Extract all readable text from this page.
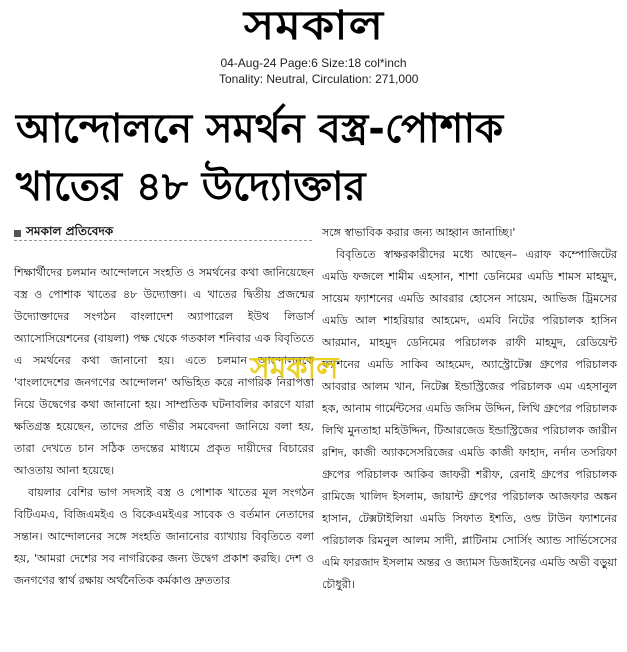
সমকাল
04-Aug-24 Page:6 Size:18 col*inch
Tonality: Neutral, Circulation: 271,000
আন্দোলনে সমর্থন বস্ত্র-পোশাক খাতের ৪৮ উদ্যোক্তার
সমকাল প্রতিবেদক

শিক্ষার্থীদের চলমান আন্দোলনে সংহতি ও সমর্থনের কথা জানিয়েছেন বস্ত্র ও পোশাক খাতের ৪৮ উদ্যোক্তা। এ খাতের দ্বিতীয় প্রজন্মের উদ্যোক্তাদের সংগঠন বাংলাদেশ অ্যাপারেল ইউথ লিডার্স অ্যাসোসিয়েশনের (বায়লা) পক্ষ থেকে গতকাল শনিবার এক বিবৃতিতে এ সমর্থনের কথা জানানো হয়। এতে চলমান আন্দোলনকে 'বাংলাদেশের জনগণের আন্দোলন' অভিহিত করে নাগরিক নিরাপত্তা নিয়ে উদ্বেগের কথা জানানো হয়। সাম্প্রতিক ঘটনাবলির কারণে যারা ক্ষতিগ্রস্ত হয়েছেন, তাদের প্রতি গভীর সমবেদনা জানিয়ে বলা হয়, তারা দেখতে চান সঠিক তদন্তের মাধ্যমে প্রকৃত দায়ীদের বিচারের আওতায় আনা হয়েছে।

বায়লার বেশির ভাগ সদস্যই বস্ত্র ও পোশাক খাতের মূল সংগঠন বিটিএমএ, বিজিএমইএ ও বিকেএমইএর সাবেক ও বর্তমান নেতাদের সন্তান। আন্দোলনের সঙ্গে সংহতি জানানোর ব্যাখ্যায় বিবৃতিতে বলা হয়, 'আমরা দেশের সব নাগরিকের জন্য উদ্বেগ প্রকাশ করছি। দেশ ও জনগণের স্বার্থ রক্ষায় অর্থনৈতিক কর্মকাণ্ড দ্রুততার

সঙ্গে স্বাভাবিক করার জন্য আহ্বান জানাচ্ছি।'

বিবৃতিতে স্বাক্ষরকারীদের মধ্যে আছেন– এরাফ কম্পোজিটের এমডি ফজলে শামীম এহসান, শাশা ডেনিমের এমডি শামস মাহমুদ, সায়েম ফ্যাশনের এমডি আবরার হোসেন সায়েম, আভিজ ট্রিমসের এমডি আল শাহরিয়ার আহমেদ, এমবি নিটের পরিচালক হাসিন আরমান, মাহমুদ ডেনিমের পরিচালক রাফী মাহমুদ, রেডিয়েন্ট ফ্যাশনের এমডি সাকিব আহমেদ, অ্যাস্ট্রোটেক্স গ্রুপের পরিচালক আবরার আলম খান, নিটেক্স ইন্ডাস্ট্রিজের পরিচালক এম এহসানুল হক, আনাম গার্মেন্টসের এমডি জসিম উদ্দিন, লিথি গ্রুপের পরিচালক লিথি মুনতাহা মহিউদ্দিন, টিআরজেড ইন্ডাস্ট্রিজের পরিচালক জারীন রশিদ, কাজী অ্যাকসেসরিজের এমডি কাজী ফাহাদ, নর্দান তসরিফা গ্রুপের পরিচালক আকিব জাফরী শরীফ, রেনাই গ্রুপের পরিচালক রামিজে খালিদ ইসলাম, জায়ান্ট গ্রুপের পরিচালক আজফার অঙ্কন হাসান, টেক্সটাইলিয়া এমডি সিফাত ইশতি, ওল্ড টাউন ফ্যাশনের পরিচালক রিমনুল আলম সাদী, প্লাটিনাম সোর্সিং অ্যান্ড সার্ভিসেসের এমি ফারজাদ ইসলাম অন্তর ও জ্যামস ডিজাইনের এমডি অভী বড়ুয়া চৌধুরী।

সমকাল
